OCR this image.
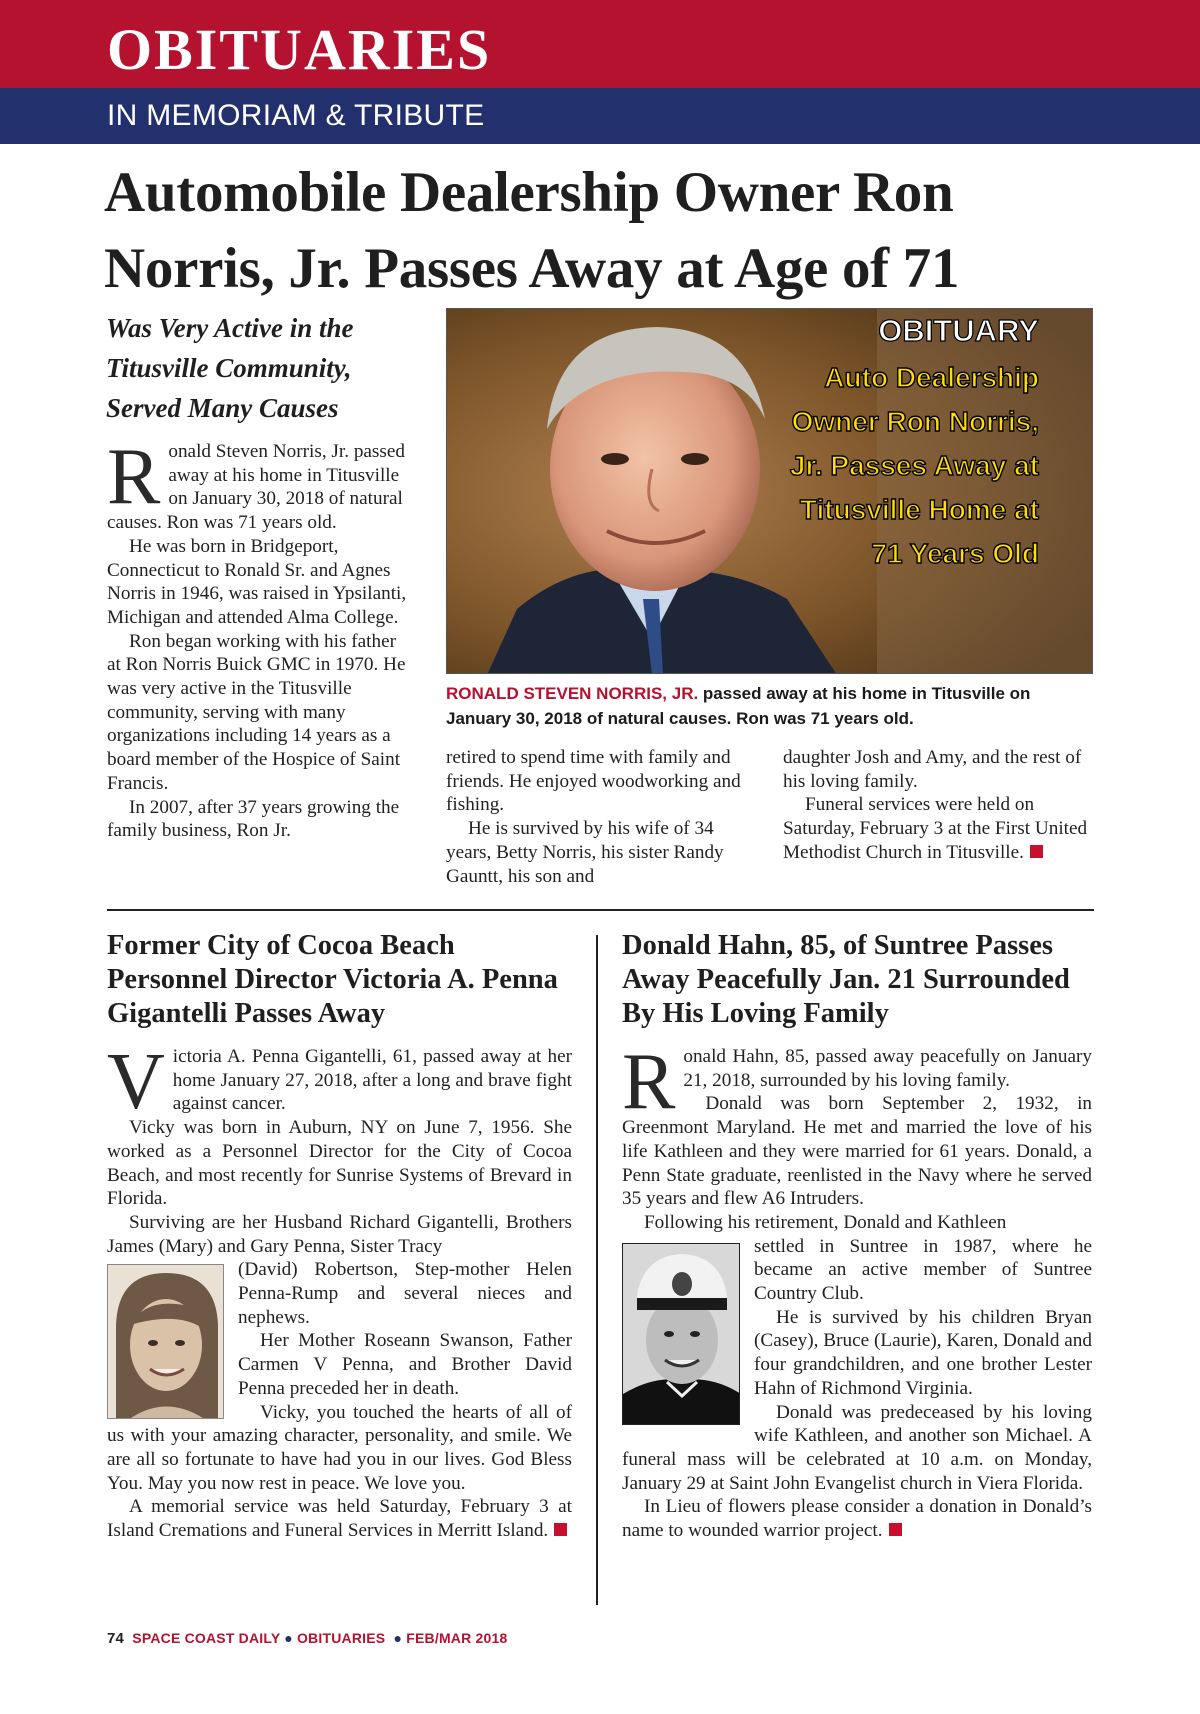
OBITUARIES
IN MEMORIAM & TRIBUTE
Automobile Dealership Owner Ron Norris, Jr. Passes Away at Age of 71
Was Very Active in the Titusville Community, Served Many Causes

Ronald Steven Norris, Jr. passed away at his home in Titusville on January 30, 2018 of natural causes. Ron was 71 years old.

He was born in Bridgeport, Connecticut to Ronald Sr. and Agnes Norris in 1946, was raised in Ypsilanti, Michigan and attended Alma College.

Ron began working with his father at Ron Norris Buick GMC in 1970. He was very active in the Titusville community, serving with many organizations including 14 years as a board member of the Hospice of Saint Francis.

In 2007, after 37 years growing the family business, Ron Jr.

OBITUARY
Auto Dealership
Owner Ron Norris,
Jr. Passes Away at
Titusville Home at
71 Years Old
RONALD STEVEN NORRIS, JR. passed away at his home in Titusville on January 30, 2018 of natural causes. Ron was 71 years old.

retired to spend time with family and friends. He enjoyed woodworking and fishing.

He is survived by his wife of 34 years, Betty Norris, his sister Randy Gauntt, his son and

daughter Josh and Amy, and the rest of his loving family.

Funeral services were held on Saturday, February 3 at the First United Methodist Church in Titusville.

Former City of Cocoa Beach Personnel Director Victoria A. Penna Gigantelli Passes Away

Victoria A. Penna Gigantelli, 61, passed away at her home January 27, 2018, after a long and brave fight against cancer.

Vicky was born in Auburn, NY on June 7, 1956. She worked as a Personnel Director for the City of Cocoa Beach, and most recently for Sunrise Systems of Brevard in Florida.

Surviving are her Husband Richard Gigantelli, Brothers James (Mary) and Gary Penna, Sister Tracy

(David) Robertson, Step-mother Helen Penna-Rump and several nieces and nephews.

Her Mother Roseann Swanson, Father Carmen V Penna, and Brother David Penna preceded her in death.

Vicky, you touched the hearts of all of us with your amazing character, personality, and smile. We are all so fortunate to have had you in our lives. God Bless You. May you now rest in peace. We love you.

A memorial service was held Saturday, February 3 at Island Cremations and Funeral Services in Merritt Island.

Donald Hahn, 85, of Suntree Passes Away Peacefully Jan. 21 Surrounded By His Loving Family

Ronald Hahn, 85, passed away peacefully on January 21, 2018, surrounded by his loving family.

Donald was born September 2, 1932, in Greenmont Maryland. He met and married the love of his life Kathleen and they were married for 61 years. Donald, a Penn State graduate, reenlisted in the Navy where he served 35 years and flew A6 Intruders.

Following his retirement, Donald and Kathleen

settled in Suntree in 1987, where he became an active member of Suntree Country Club.

He is survived by his children Bryan (Casey), Bruce (Laurie), Karen, Donald and four grandchildren, and one brother Lester Hahn of Richmond Virginia.

Donald was predeceased by his loving wife Kathleen, and another son Michael. A funeral mass will be celebrated at 10 a.m. on Monday, January 29 at Saint John Evangelist church in Viera Florida.

In Lieu of flowers please consider a donation in Donald’s name to wounded warrior project.

74 SPACE COAST DAILY ● OBITUARIES ● FEB/MAR 2018
